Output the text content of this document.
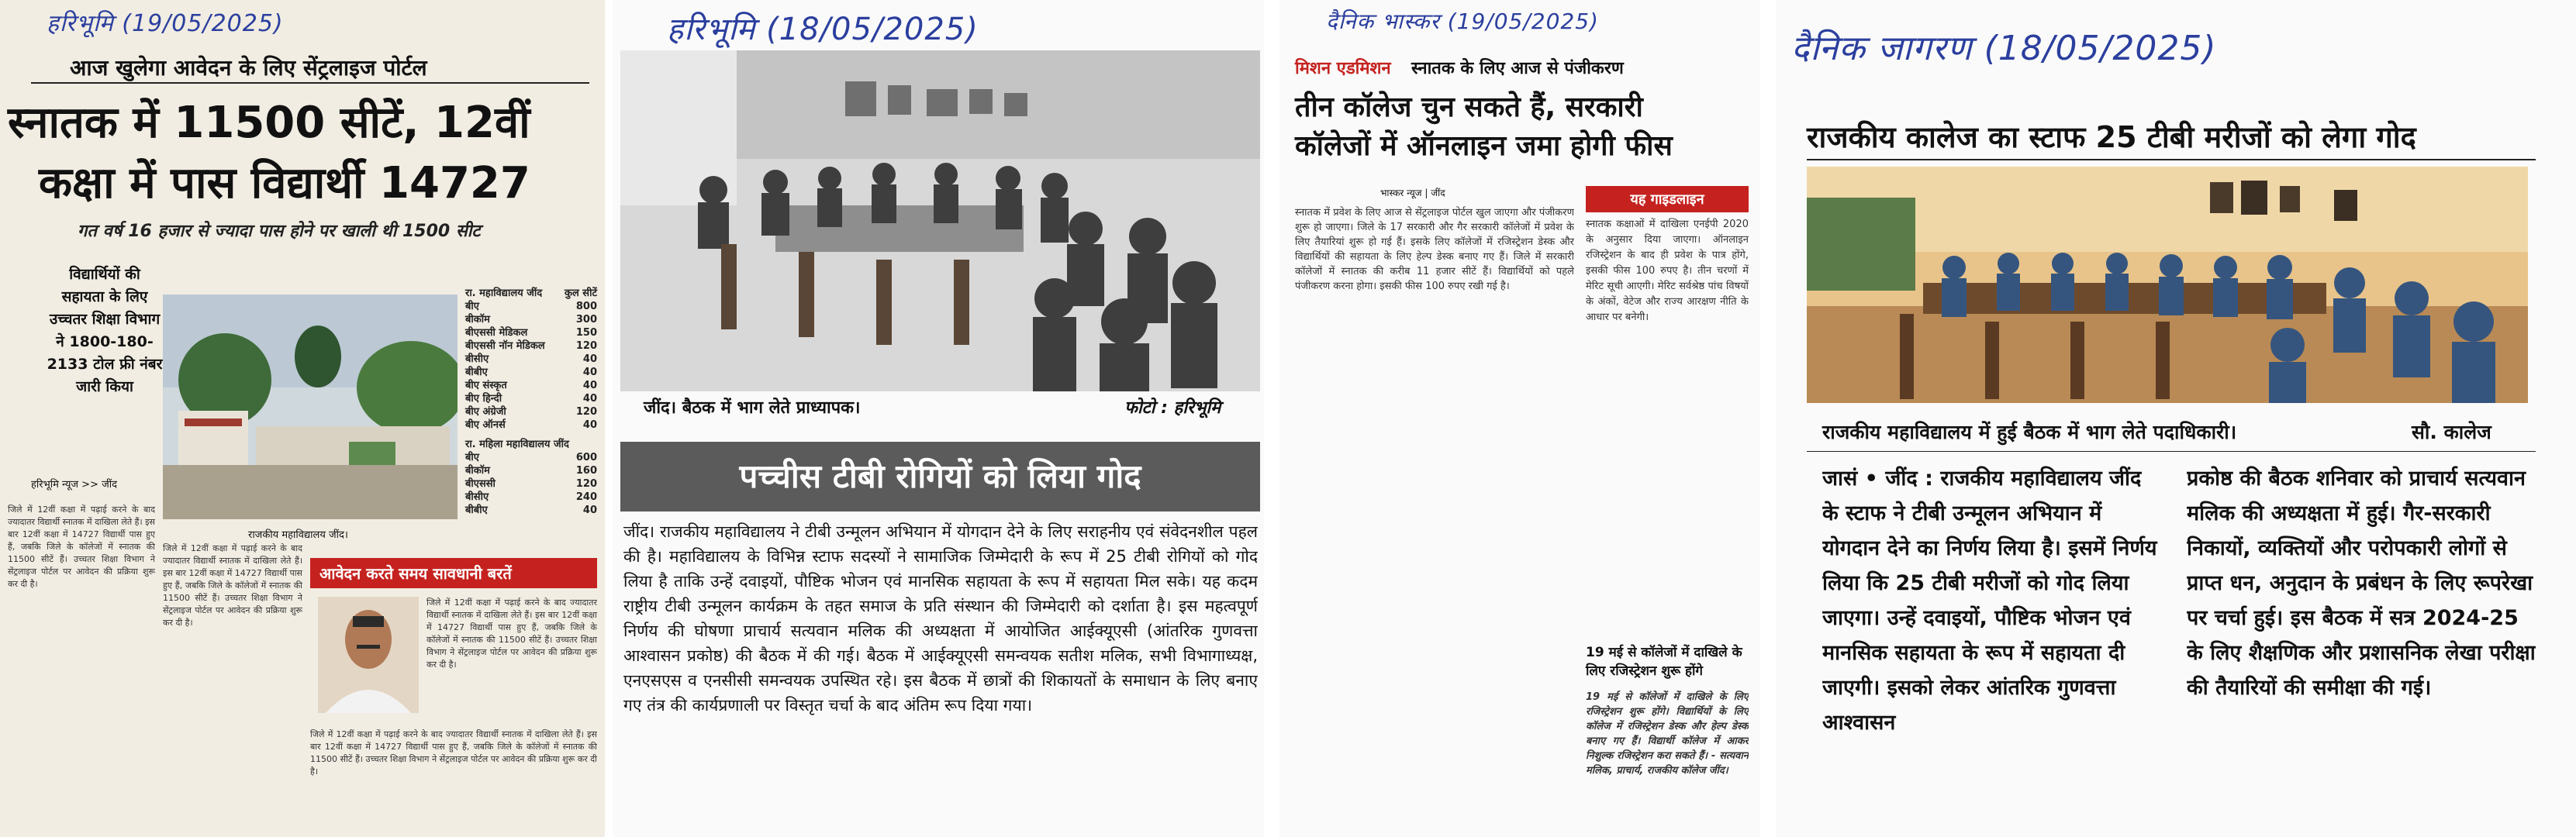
हरिभूमि (19/05/2025)
आज खुलेगा आवेदन के लिए सेंट्रलाइज पोर्टल
स्नातक में 11500 सीटें, 12वीं
कक्षा में पास विद्यार्थी 14727
गत वर्ष 16 हजार से ज्यादा पास होने पर खाली थी 1500 सीट
विद्यार्थियों की सहायता के लिए उच्चतर शिक्षा विभाग ने 1800-180-2133 टोल फ्री नंबर जारी किया
हरिभूमि न्यूज >> जींद
राजकीय महाविद्यालय जींद।
रा. महाविद्यालय जींद कुल सीटें
बीए	800
बीकॉम	300
बीएससी मेडिकल	150
बीएससी नॉन मेडिकल	120
बीसीए	40
बीबीए	40
बीए संस्कृत	40
बीए हिन्दी	40
बीए अंग्रेजी	120
बीए ऑनर्स	40
रा. महिला महाविद्यालय जींद
बीए	600
बीकॉम	160
बीएससी	120
बीसीए	240
बीबीए	40
जिले में 12वीं कक्षा में पढ़ाई करने के बाद ज्यादातर विद्यार्थी स्नातक में दाखिला लेते हैं। इस बार 12वीं कक्षा में 14727 विद्यार्थी पास हुए हैं, जबकि जिले के कॉलेजों में स्नातक की 11500 सीटें हैं। उच्चतर शिक्षा विभाग ने सेंट्रलाइज पोर्टल पर आवेदन की प्रक्रिया शुरू कर दी है।
जिले में 12वीं कक्षा में पढ़ाई करने के बाद ज्यादातर विद्यार्थी स्नातक में दाखिला लेते हैं। इस बार 12वीं कक्षा में 14727 विद्यार्थी पास हुए हैं, जबकि जिले के कॉलेजों में स्नातक की 11500 सीटें हैं। उच्चतर शिक्षा विभाग ने सेंट्रलाइज पोर्टल पर आवेदन की प्रक्रिया शुरू कर दी है।
आवेदन करते समय सावधानी बरतें
जिले में 12वीं कक्षा में पढ़ाई करने के बाद ज्यादातर विद्यार्थी स्नातक में दाखिला लेते हैं। इस बार 12वीं कक्षा में 14727 विद्यार्थी पास हुए हैं, जबकि जिले के कॉलेजों में स्नातक की 11500 सीटें हैं। उच्चतर शिक्षा विभाग ने सेंट्रलाइज पोर्टल पर आवेदन की प्रक्रिया शुरू कर दी है।
जिले में 12वीं कक्षा में पढ़ाई करने के बाद ज्यादातर विद्यार्थी स्नातक में दाखिला लेते हैं। इस बार 12वीं कक्षा में 14727 विद्यार्थी पास हुए हैं, जबकि जिले के कॉलेजों में स्नातक की 11500 सीटें हैं। उच्चतर शिक्षा विभाग ने सेंट्रलाइज पोर्टल पर आवेदन की प्रक्रिया शुरू कर दी है।
हरिभूमि (18/05/2025)
जींद। बैठक में भाग लेते प्राध्यापक।	फोटो : हरिभूमि
पच्चीस टीबी रोगियों को लिया गोद
जींद। राजकीय महाविद्यालय ने टीबी उन्मूलन अभियान में योगदान देने के लिए सराहनीय एवं संवेदनशील पहल की है। महाविद्यालय के विभिन्न स्टाफ सदस्यों ने सामाजिक जिम्मेदारी के रूप में 25 टीबी रोगियों को गोद लिया है ताकि उन्हें दवाइयों, पौष्टिक भोजन एवं मानसिक सहायता के रूप में सहायता मिल सके। यह कदम राष्ट्रीय टीबी उन्मूलन कार्यक्रम के तहत समाज के प्रति संस्थान की जिम्मेदारी को दर्शाता है। इस महत्वपूर्ण निर्णय की घोषणा प्राचार्य सत्यवान मलिक की अध्यक्षता में आयोजित आईक्यूएसी (आंतरिक गुणवत्ता आश्वासन प्रकोष्ठ) की बैठक में की गई। बैठक में आईक्यूएसी समन्वयक सतीश मलिक, सभी विभागाध्यक्ष, एनएसएस व एनसीसी समन्वयक उपस्थित रहे। इस बैठक में छात्रों की शिकायतों के समाधान के लिए बनाए गए तंत्र की कार्यप्रणाली पर विस्तृत चर्चा के बाद अंतिम रूप दिया गया।
दैनिक भास्कर (19/05/2025)
मिशन एडमिशन स्नातक के लिए आज से पंजीकरण
तीन कॉलेज चुन सकते हैं, सरकारी
कॉलेजों में ऑनलाइन जमा होगी फीस
भास्कर न्यूज | जींद
स्नातक में प्रवेश के लिए आज से सेंट्रलाइज पोर्टल खुल जाएगा और पंजीकरण शुरू हो जाएगा। जिले के 17 सरकारी और गैर सरकारी कॉलेजों में प्रवेश के लिए तैयारियां शुरू हो गई हैं। इसके लिए कॉलेजों में रजिस्ट्रेशन डेस्क और विद्यार्थियों की सहायता के लिए हेल्प डेस्क बनाए गए हैं। जिले में सरकारी कॉलेजों में स्नातक की करीब 11 हजार सीटें हैं। विद्यार्थियों को पहले पंजीकरण करना होगा। इसकी फीस 100 रुपए रखी गई है।
यह गाइडलाइन
स्नातक कक्षाओं में दाखिला एनईपी 2020 के अनुसार दिया जाएगा। ऑनलाइन रजिस्ट्रेशन के बाद ही प्रवेश के पात्र होंगे, इसकी फीस 100 रुपए है। तीन चरणों में मेरिट सूची आएगी। मेरिट सर्वश्रेष्ठ पांच विषयों के अंकों, वेटेज और राज्य आरक्षण नीति के आधार पर बनेगी।
19 मई से कॉलेजों में दाखिले के लिए रजिस्ट्रेशन शुरू होंगे
19 मई से कॉलेजों में दाखिले के लिए रजिस्ट्रेशन शुरू होंगे। विद्यार्थियों के लिए कॉलेज में रजिस्ट्रेशन डेस्क और हेल्प डेस्क बनाए गए हैं। विद्यार्थी कॉलेज में आकर निशुल्क रजिस्ट्रेशन करा सकते हैं। - सत्यवान मलिक, प्राचार्य, राजकीय कॉलेज जींद।
दैनिक जागरण (18/05/2025)
राजकीय कालेज का स्टाफ 25 टीबी मरीजों को लेगा गोद
राजकीय महाविद्यालय में हुई बैठक में भाग लेते पदाधिकारी।	सौ. कालेज
जासं • जींद : राजकीय महाविद्यालय जींद के स्टाफ ने टीबी उन्मूलन अभियान में योगदान देने का निर्णय लिया है। इसमें निर्णय लिया कि 25 टीबी मरीजों को गोद लिया जाएगा। उन्हें दवाइयों, पौष्टिक भोजन एवं मानसिक सहायता के रूप में सहायता दी जाएगी। इसको लेकर आंतरिक गुणवत्ता आश्वासन
प्रकोष्ठ की बैठक शनिवार को प्राचार्य सत्यवान मलिक की अध्यक्षता में हुई। गैर-सरकारी निकायों, व्यक्तियों और परोपकारी लोगों से प्राप्त धन, अनुदान के प्रबंधन के लिए रूपरेखा पर चर्चा हुई। इस बैठक में सत्र 2024-25 के लिए शैक्षणिक और प्रशासनिक लेखा परीक्षा की तैयारियों की समीक्षा की गई।
